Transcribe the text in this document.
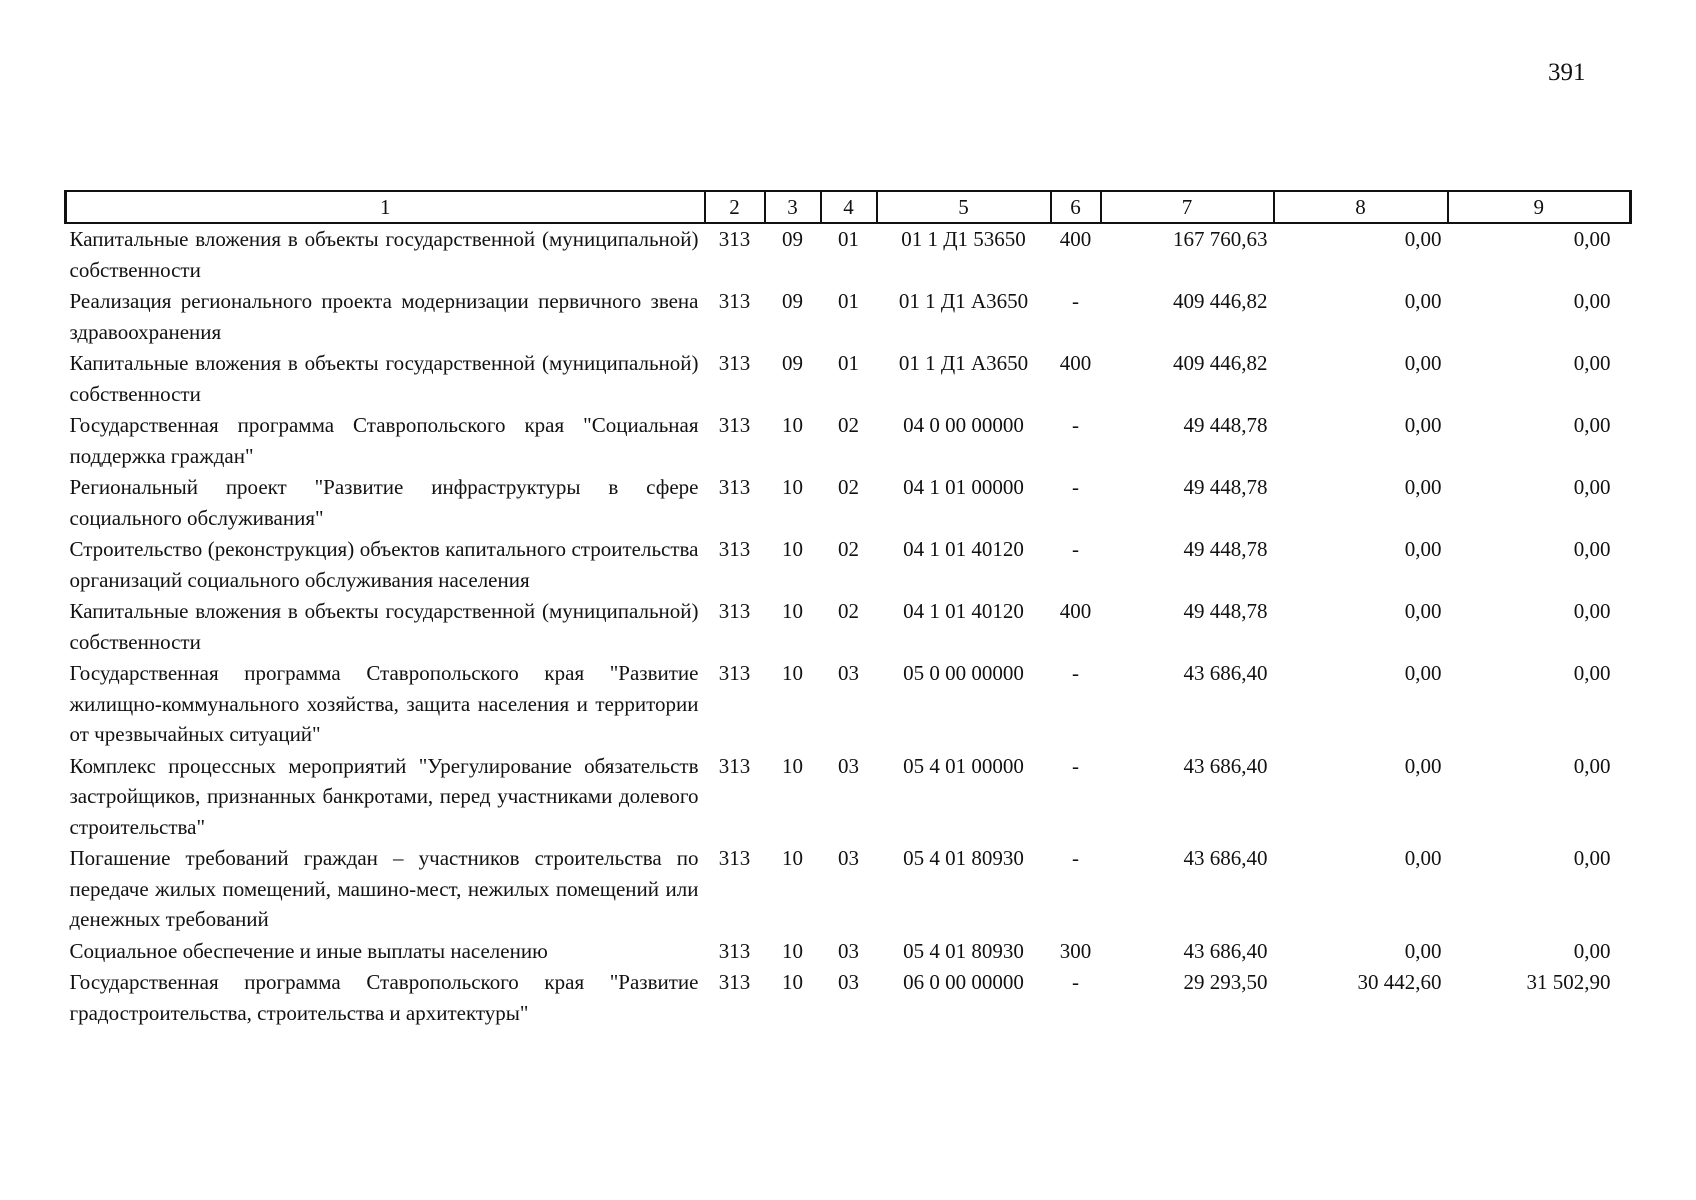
391
1	2	3	4	5	6	7	8	9
Капитальные вложения в объекты государственной (муниципальной) собственности	313	09	01	01 1 Д1 53650	400	167 760,63	0,00	0,00
Реализация регионального проекта модернизации первичного звена здравоохранения	313	09	01	01 1 Д1 А3650	-	409 446,82	0,00	0,00
Капитальные вложения в объекты государственной (муниципальной) собственности	313	09	01	01 1 Д1 А3650	400	409 446,82	0,00	0,00
Государственная программа Ставропольского края "Социальная поддержка граждан"	313	10	02	04 0 00 00000	-	49 448,78	0,00	0,00
Региональный проект "Развитие инфраструктуры в сфере социального обслуживания"	313	10	02	04 1 01 00000	-	49 448,78	0,00	0,00
Строительство (реконструкция) объектов капитального строительства организаций социального обслуживания населения	313	10	02	04 1 01 40120	-	49 448,78	0,00	0,00
Капитальные вложения в объекты государственной (муниципальной) собственности	313	10	02	04 1 01 40120	400	49 448,78	0,00	0,00
Государственная программа Ставропольского края "Развитие жилищно-коммунального хозяйства, защита населения и территории от чрезвычайных ситуаций"	313	10	03	05 0 00 00000	-	43 686,40	0,00	0,00
Комплекс процессных мероприятий "Урегулирование обязательств застройщиков, признанных банкротами, перед участниками долевого строительства"	313	10	03	05 4 01 00000	-	43 686,40	0,00	0,00
Погашение требований граждан – участников строительства по передаче жилых помещений, машино-мест, нежилых помещений или денежных требований	313	10	03	05 4 01 80930	-	43 686,40	0,00	0,00
Социальное обеспечение и иные выплаты населению	313	10	03	05 4 01 80930	300	43 686,40	0,00	0,00
Государственная программа Ставропольского края "Развитие градостроительства, строительства и архитектуры"	313	10	03	06 0 00 00000	-	29 293,50	30 442,60	31 502,90
